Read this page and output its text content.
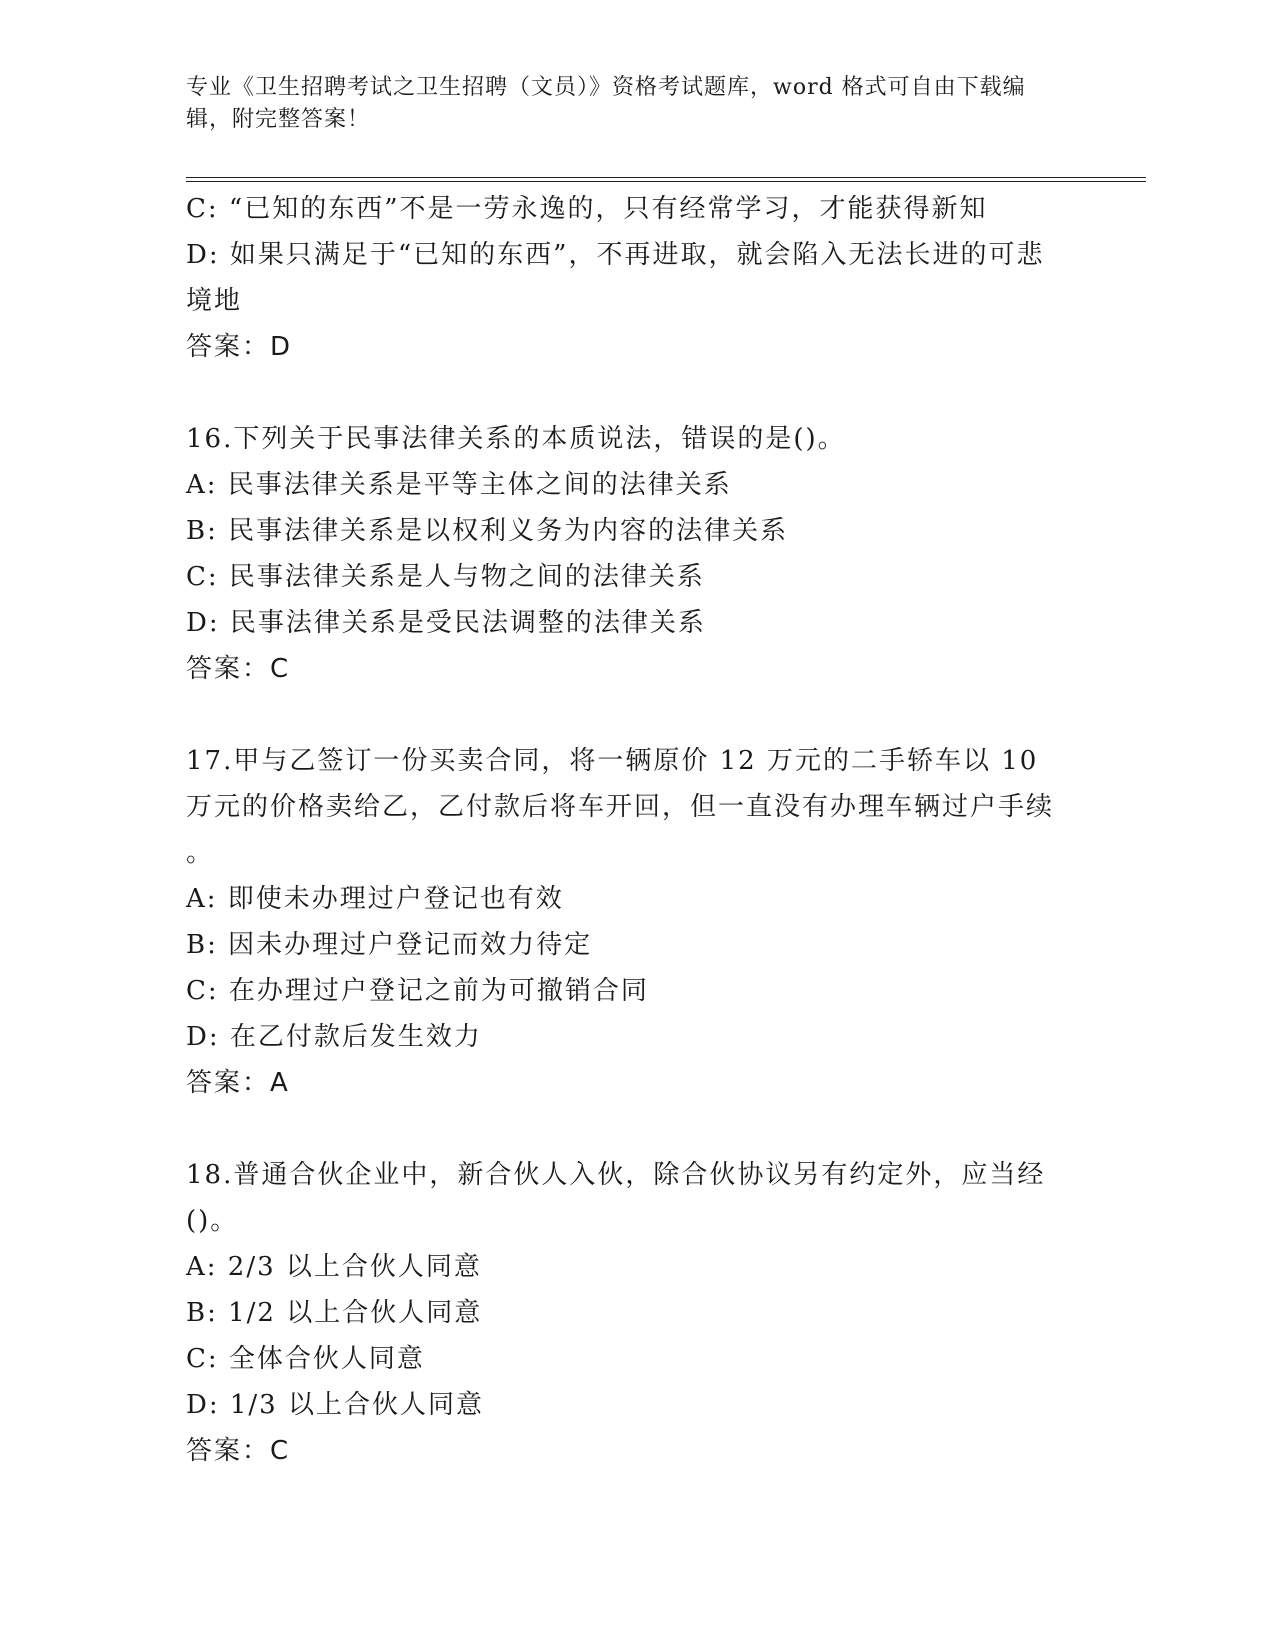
专业《卫生招聘考试之卫生招聘（文员）》资格考试题库，word 格式可自由下载编辑，附完整答案！

C: “已知的东西”不是一劳永逸的，只有经常学习，才能获得新知

D: 如果只满足于“已知的东西”，不再进取，就会陷入无法长进的可悲境地

答案：D

16.下列关于民事法律关系的本质说法，错误的是()。

A: 民事法律关系是平等主体之间的法律关系

B: 民事法律关系是以权利义务为内容的法律关系

C: 民事法律关系是人与物之间的法律关系

D: 民事法律关系是受民法调整的法律关系

答案：C

17.甲与乙签订一份买卖合同，将一辆原价 12 万元的二手轿车以 10 万元的价格卖给乙，乙付款后将车开回，但一直没有办理车辆过户手续

。

A: 即使未办理过户登记也有效

B: 因未办理过户登记而效力待定

C: 在办理过户登记之前为可撤销合同

D: 在乙付款后发生效力

答案：A

18.普通合伙企业中，新合伙人入伙，除合伙协议另有约定外，应当经()。

A: 2/3 以上合伙人同意

B: 1/2 以上合伙人同意

C: 全体合伙人同意

D: 1/3 以上合伙人同意

答案：C
